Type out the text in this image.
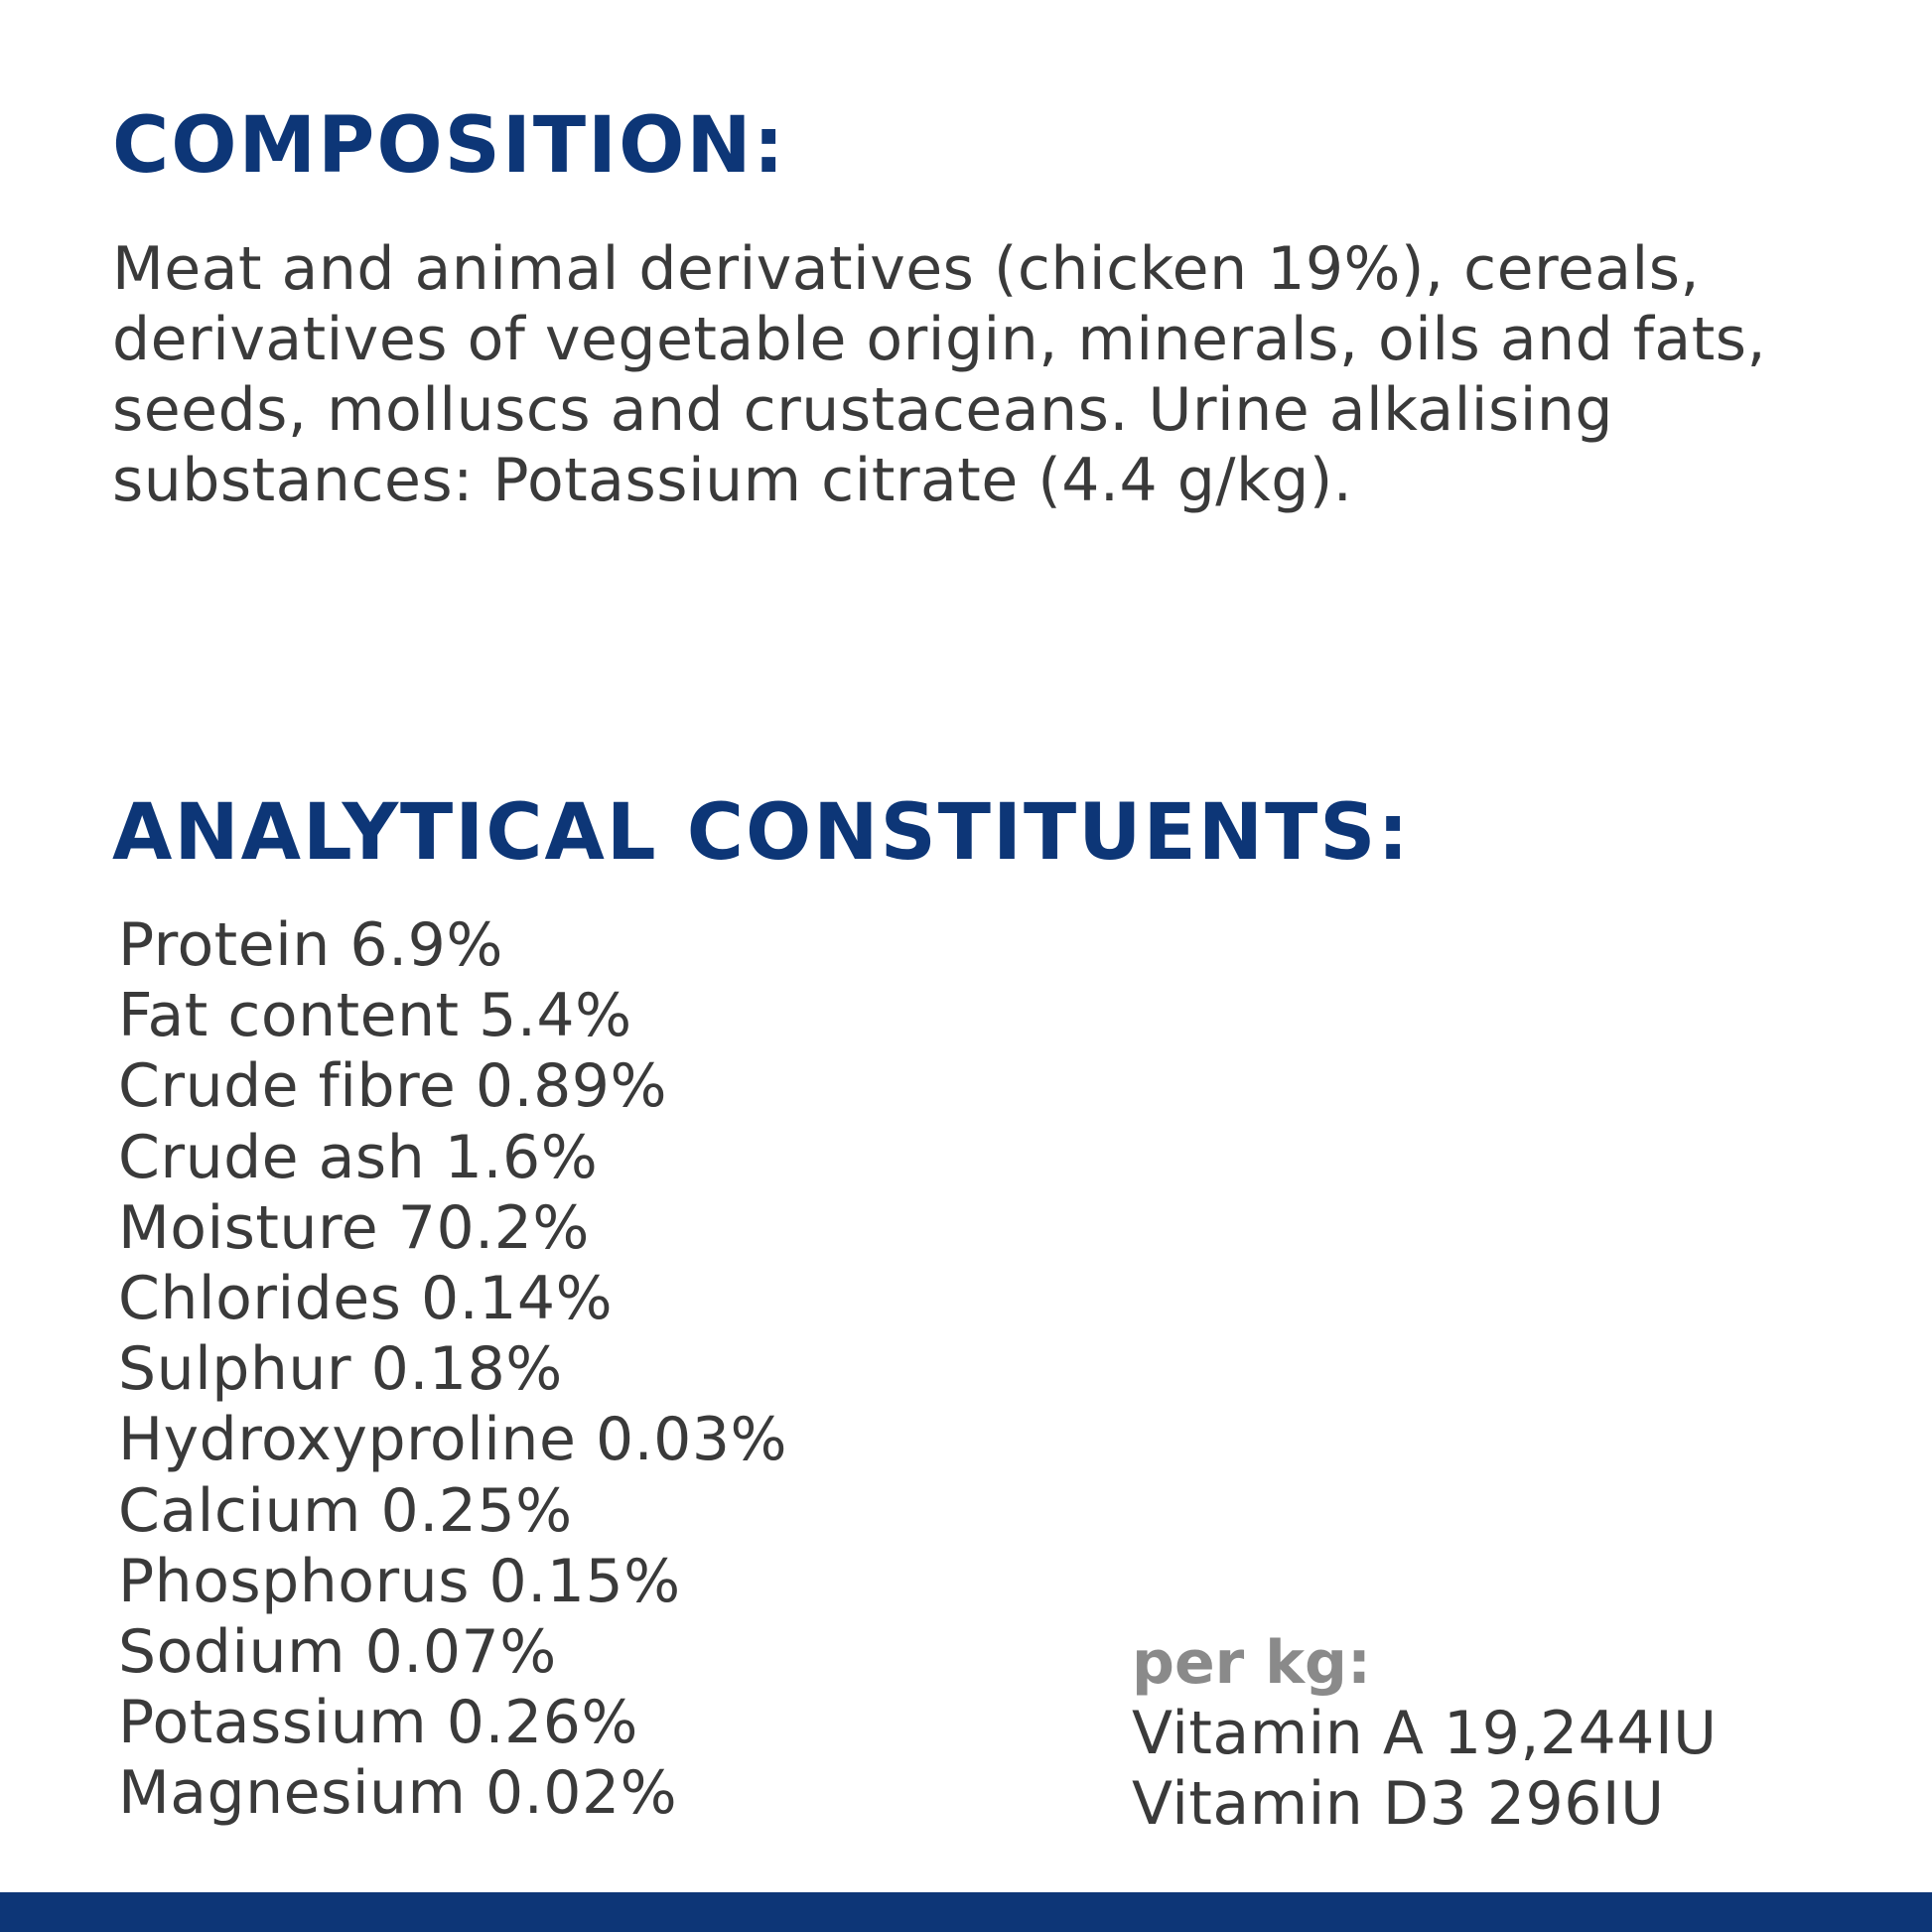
COMPOSITION:

Meat and animal derivatives (chicken 19%), cereals, derivatives of vegetable origin, minerals, oils and fats, seeds, molluscs and crustaceans. Urine alkalising substances: Potassium citrate (4.4 g/kg).

ANALYTICAL CONSTITUENTS:
Protein 6.9%
Fat content 5.4%
Crude fibre 0.89%
Crude ash 1.6%
Moisture 70.2%
Chlorides 0.14%
Sulphur 0.18%
Hydroxyproline 0.03%
Calcium 0.25%
Phosphorus 0.15%
Sodium 0.07%
Potassium 0.26%
Magnesium 0.02%
per kg:
Vitamin A 19,244IU
Vitamin D3 296IU
